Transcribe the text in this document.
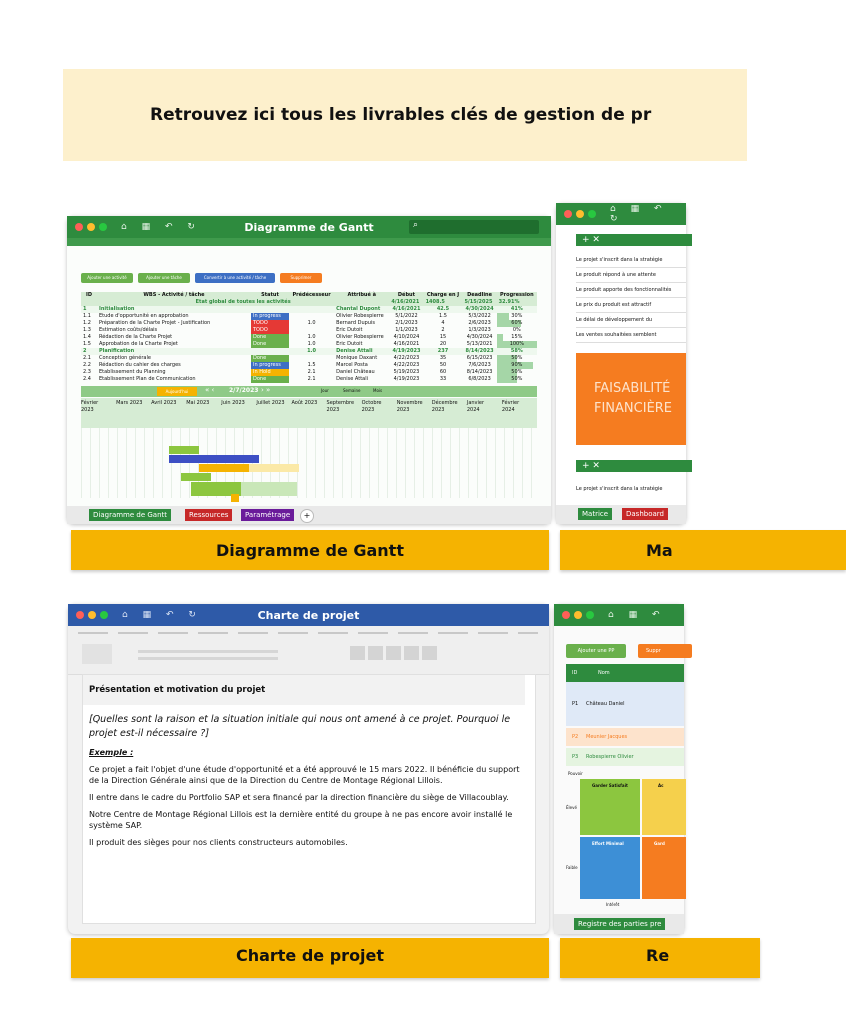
Retrouvez ici tous les livrables clés de gestion de pr
⌂ ▦ ↶ ↻	Diagramme de Gantt	⌕
Ajouter une activité	Ajouter une tâche	Convertir à une activité / tâche	Supprimer
ID	WBS - Activité / tâche	Statut	Prédécesseur	Attribué à	Début	Charge en J	Deadline	Progression
	Etat global de toutes les activités				4/16/2021	1408.5	5/15/2025	32.91%
1	Initialisation			Chantal Dupont	4/16/2021	42.5	4/30/2024	41%
1.1	Etude d'opportunité en approbation	In progress		Olivier Robespierre	5/1/2022	1.5	5/3/2022	30%
1.2	Préparation de la Charte Projet - Justification	TODO	1.0	Bernard Dupuis	2/1/2023	4	2/6/2023	60%
1.3	Estimation coûts/délais	TODO		Eric Dutoit	1/1/2023	2	1/3/2023	0%
1.4	Rédaction de la Charte Projet	Done	1.0	Olivier Robespierre	4/10/2024	15	4/30/2024	15%
1.5	Approbation de la Charte Projet	Done	1.0	Eric Dutoit	4/16/2021	20	5/13/2021	100%
2	Planification		1.0	Denise Attali	4/19/2023	237	8/14/2023	58%
2.1	Conception générale	Done		Monique Daxant	4/22/2023	35	6/15/2023	50%
2.2	Rédaction du cahier des charges	In progress	1.5	Marcel Posta	4/22/2023	50	7/6/2023	90%
2.3	Etablissement du Planning	In Hold	2.1	Daniel Château	5/19/2023	60	8/14/2023	50%
2.4	Etablissement Plan de Communication	Done	2.1	Denise Attali	4/19/2023	33	6/8/2023	50%
Aujourd'hui	« ‹ 2/7/2023 › »	Jour	Semaine	Mois
Février 2023
Mars 2023	Avril 2023	Mai 2023	Juin 2023	Juillet 2023	Août 2023	Septembre 2023
Octobre 2023
Novembre 2023
Décembre 2023
Janvier 2024
Février 2024
Diagramme de Gantt	Ressources	Paramétrage	+
Diagramme de Gantt
⌂ ▦ ↶ ↻
+ ✕
Le projet s'inscrit dans la stratégie
Le produit répond à une attente
Le produit apporte des fonctionnalités
Le prix du produit est attractif
Le délai de développement du
Les ventes souhaitées semblent
FAISABILITÉ FINANCIÈRE
+ ✕
Le projet s'inscrit dans la stratégie
Matrice	Dashboard
Ma
⌂ ▦ ↶ ↻	Charte de projet
Présentation et motivation du projet

[Quelles sont la raison et la situation initiale qui nous ont amené à ce projet. Pourquoi le projet est-il nécessaire ?]

Exemple :

Ce projet a fait l'objet d'une étude d'opportunité et a été approuvé le 15 mars 2022. Il bénéficie du support de la Direction Générale ainsi que de la Direction du Centre de Montage Régional Lillois.

Il entre dans le cadre du Portfolio SAP et sera financé par la direction financière du siège de Villacoublay.

Notre Centre de Montage Régional Lillois est la dernière entité du groupe à ne pas encore avoir installé le système SAP.

Il produit des sièges pour nos clients constructeurs automobiles.

Charte de projet
⌂ ▦ ↶
Ajouter une PP	Suppr
ID	Nom
P1 Château Daniel
P2 Meunier Jacques
P3 Robespierre Olivier
Pouvoir
Élevé
Faible
Garder Satisfait	Ac
Effort Minimal	Gard
Intérêt
Registre des parties pre
Re
